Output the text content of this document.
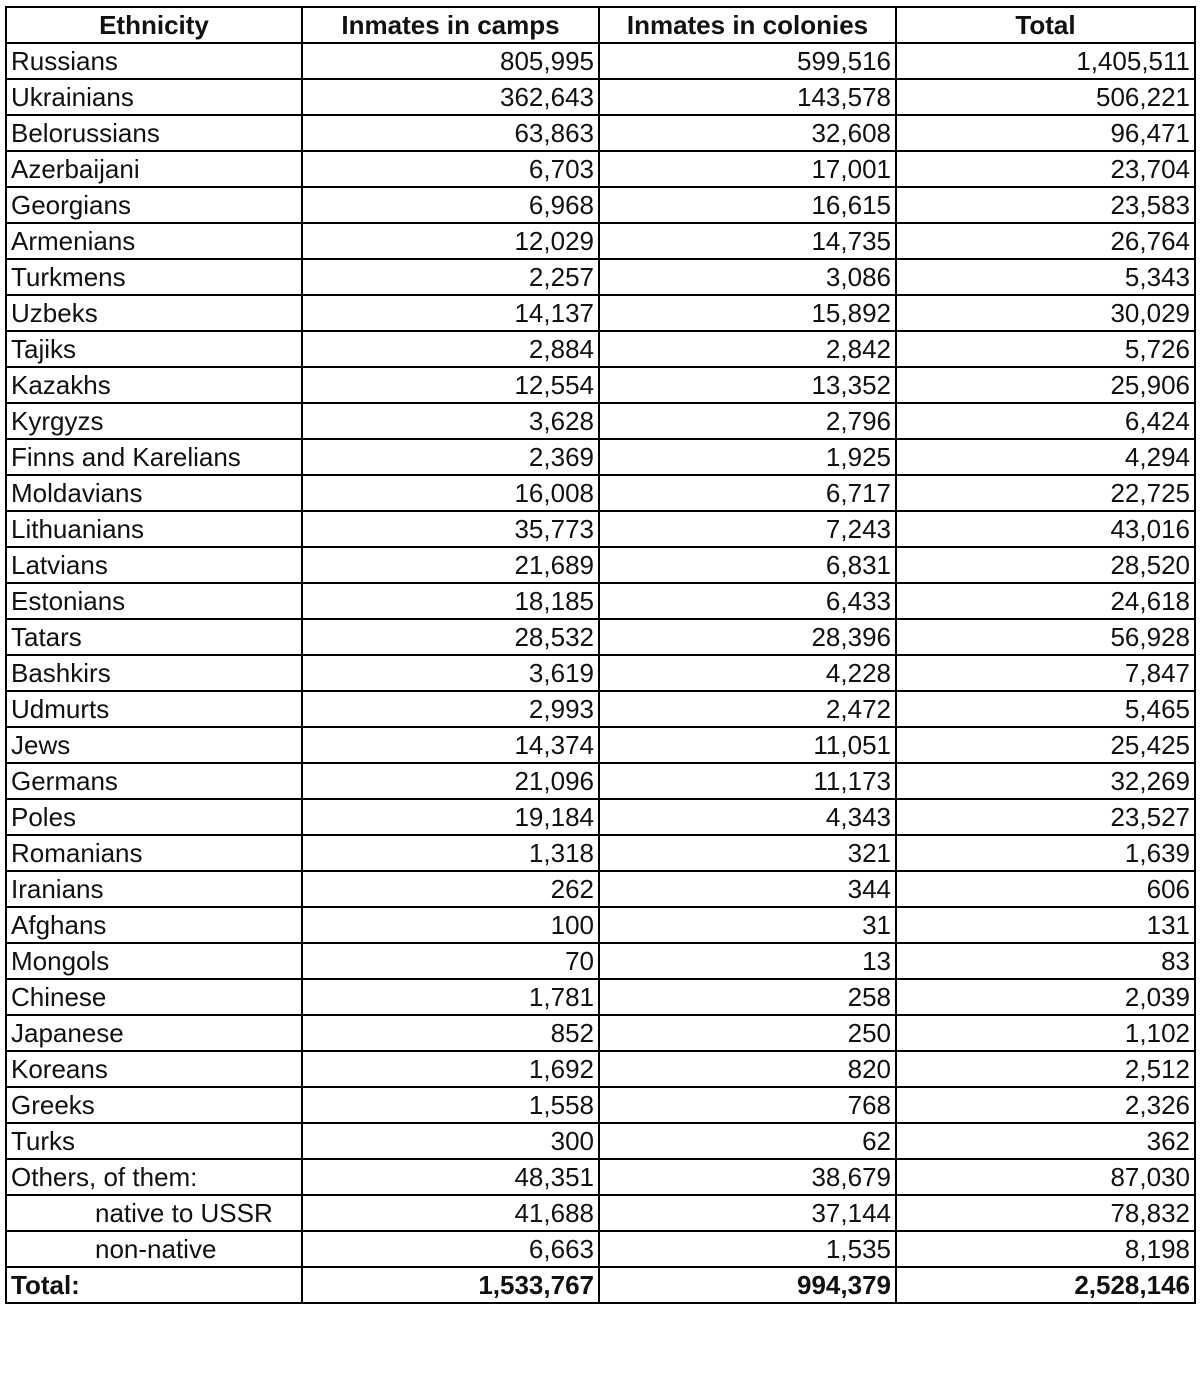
Ethnicity	Inmates in camps	Inmates in colonies	Total
Russians	805,995	599,516	1,405,511
Ukrainians	362,643	143,578	506,221
Belorussians	63,863	32,608	96,471
Azerbaijani	6,703	17,001	23,704
Georgians	6,968	16,615	23,583
Armenians	12,029	14,735	26,764
Turkmens	2,257	3,086	5,343
Uzbeks	14,137	15,892	30,029
Tajiks	2,884	2,842	5,726
Kazakhs	12,554	13,352	25,906
Kyrgyzs	3,628	2,796	6,424
Finns and Karelians	2,369	1,925	4,294
Moldavians	16,008	6,717	22,725
Lithuanians	35,773	7,243	43,016
Latvians	21,689	6,831	28,520
Estonians	18,185	6,433	24,618
Tatars	28,532	28,396	56,928
Bashkirs	3,619	4,228	7,847
Udmurts	2,993	2,472	5,465
Jews	14,374	11,051	25,425
Germans	21,096	11,173	32,269
Poles	19,184	4,343	23,527
Romanians	1,318	321	1,639
Iranians	262	344	606
Afghans	100	31	131
Mongols	70	13	83
Chinese	1,781	258	2,039
Japanese	852	250	1,102
Koreans	1,692	820	2,512
Greeks	1,558	768	2,326
Turks	300	62	362
Others, of them:	48,351	38,679	87,030
native to USSR	41,688	37,144	78,832
non-native	6,663	1,535	8,198
Total:	1,533,767	994,379	2,528,146
